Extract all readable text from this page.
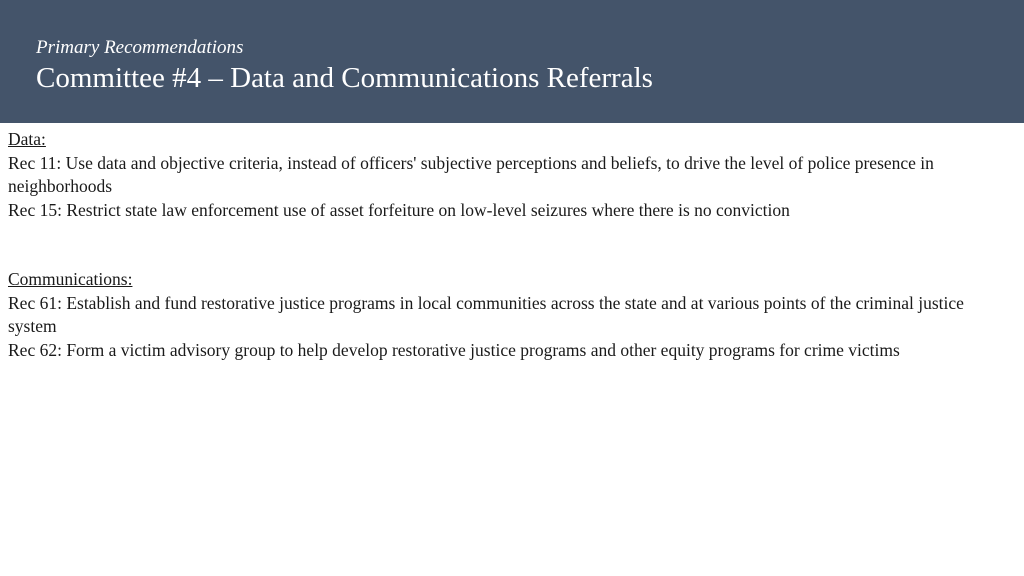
Primary Recommendations
Committee #4 – Data and Communications Referrals
Data:
Rec 11: Use data and objective criteria, instead of officers' subjective perceptions and beliefs, to drive the level of police presence in neighborhoods
Rec 15: Restrict state law enforcement use of asset forfeiture on low-level seizures where there is no conviction
Communications:
Rec 61: Establish and fund restorative justice programs in local communities across the state and at various points of the criminal justice system
Rec 62: Form a victim advisory group to help develop restorative justice programs and other equity programs for crime victims
